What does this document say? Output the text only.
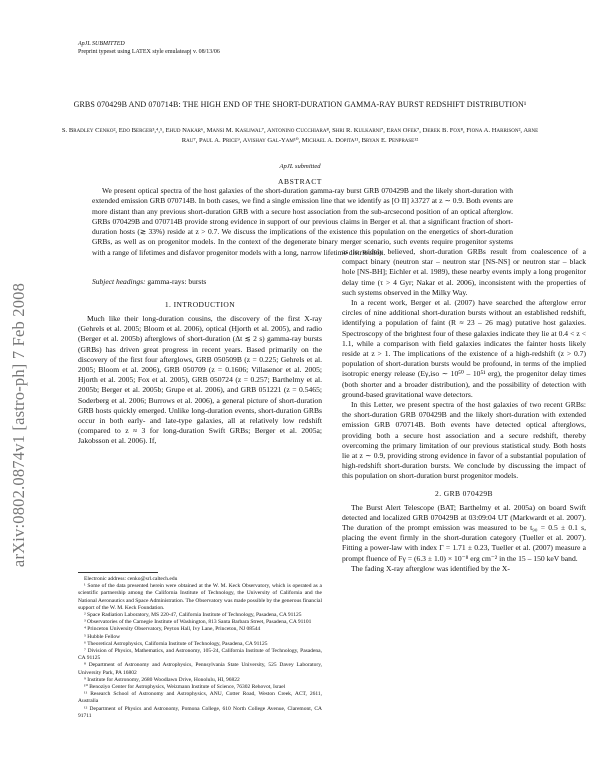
arXiv:0802.0874v1 [astro-ph] 7 Feb 2008
ApJL SUBMITTED
Preprint typeset using LATEX style emulateapj v. 08/13/06
GRBS 070429B AND 070714B: THE HIGH END OF THE SHORT-DURATION GAMMA-RAY BURST REDSHIFT DISTRIBUTION¹
S. Bradley Cenko², Edo Berger³,⁴,⁵, Ehud Nakar⁶, Mansi M. Kasliwal⁷, Antonino Cucchiara⁸, Shri R. Kulkarni⁷, Eran Ofek⁷, Derek B. Fox⁸, Fiona A. Harrison², Arne Rau⁷, Paul A. Price⁹, Avishay Gal-Yam¹⁰, Michael A. Dopita¹¹, Bryan E. Penprase¹²
ApJL submitted
ABSTRACT

We present optical spectra of the host galaxies of the short-duration gamma-ray burst GRB 070429B and the likely short-duration with extended emission GRB 070714B. In both cases, we find a single emission line that we identify as [O II] λ3727 at z ∼ 0.9. Both events are more distant than any previous short-duration GRB with a secure host association from the sub-arcsecond position of an optical afterglow. GRBs 070429B and 070714B provide strong evidence in support of our previous claims in Berger et al. that a significant fraction of short-duration hosts (≳ 33%) reside at z > 0.7. We discuss the implications of the existence this population on the energetics of short-duration GRBs, as well as on progenitor models. In the context of the degenerate binary merger scenario, such events require progenitor systems with a range of lifetimes and disfavor progenitor models with a long, narrow lifetime distribution.

Subject headings: gamma-rays: bursts
1. INTRODUCTION

Much like their long-duration cousins, the discovery of the first X-ray (Gehrels et al. 2005; Bloom et al. 2006), optical (Hjorth et al. 2005), and radio (Berger et al. 2005b) afterglows of short-duration (Δt ≲ 2 s) gamma-ray bursts (GRBs) has driven great progress in recent years. Based primarily on the discovery of the first four afterglows, GRB 050509B (z = 0.225; Gehrels et al. 2005; Bloom et al. 2006), GRB 050709 (z = 0.1606; Villasenor et al. 2005; Hjorth et al. 2005; Fox et al. 2005), GRB 050724 (z = 0.257; Barthelmy et al. 2005b; Berger et al. 2005b; Grupe et al. 2006), and GRB 051221 (z = 0.5465; Soderberg et al. 2006; Burrows et al. 2006), a general picture of short-duration GRB hosts quickly emerged. Unlike long-duration events, short-duration GRBs occur in both early- and late-type galaxies, all at relatively low redshift (compared to z ≈ 3 for long-duration Swift GRBs; Berger et al. 2005a; Jakobsson et al. 2006). If,

as is widely believed, short-duration GRBs result from coalescence of a compact binary (neutron star – neutron star [NS-NS] or neutron star – black hole [NS-BH]; Eichler et al. 1989), these nearby events imply a long progenitor delay time (τ > 4 Gyr; Nakar et al. 2006), inconsistent with the properties of such systems observed in the Milky Way.

In a recent work, Berger et al. (2007) have searched the afterglow error circles of nine additional short-duration bursts without an established redshift, identifying a population of faint (R ≈ 23 – 26 mag) putative host galaxies. Spectroscopy of the brightest four of these galaxies indicate they lie at 0.4 < z < 1.1, while a comparison with field galaxies indicates the fainter hosts likely reside at z > 1. The implications of the existence of a high-redshift (z > 0.7) population of short-duration bursts would be profound, in terms of the implied isotropic energy release (Eγ,iso ∼ 10⁵⁰ – 10⁵¹ erg), the progenitor delay times (both shorter and a broader distribution), and the possibility of detection with ground-based gravitational wave detectors.

In this Letter, we present spectra of the host galaxies of two recent GRBs: the short-duration GRB 070429B and the likely short-duration with extended emission GRB 070714B. Both events have detected optical afterglows, providing both a secure host association and a secure redshift, thereby overcoming the primary limitation of our previous statistical study. Both hosts lie at z ∼ 0.9, providing strong evidence in favor of a substantial population of high-redshift short-duration bursts. We conclude by discussing the impact of this population on short-duration burst progenitor models.

2. GRB 070429B

The Burst Alert Telescope (BAT; Barthelmy et al. 2005a) on board Swift detected and localized GRB 070429B at 03:09:04 UT (Markwardt et al. 2007). The duration of the prompt emission was measured to be t₉₀ = 0.5 ± 0.1 s, placing the event firmly in the short-duration category (Tueller et al. 2007). Fitting a power-law with index Γ = 1.71 ± 0.23, Tueller et al. (2007) measure a prompt fluence of Fγ = (6.3 ± 1.0) × 10⁻⁸ erg cm⁻² in the 15 – 150 keV band.

The fading X-ray afterglow was identified by the X-

Electronic address: cenko@srl.caltech.edu

¹ Some of the data presented herein were obtained at the W. M. Keck Observatory, which is operated as a scientific partnership among the California Institute of Technology, the University of California and the National Aeronautics and Space Administration. The Observatory was made possible by the generous financial support of the W. M. Keck Foundation.

² Space Radiation Laboratory, MS 220-47, California Institute of Technology, Pasadena, CA 91125

³ Observatories of the Carnegie Institute of Washington, 813 Santa Barbara Street, Pasadena, CA 91101

⁴ Princeton University Observatory, Peyton Hall, Ivy Lane, Princeton, NJ 08544

⁵ Hubble Fellow

⁶ Theoretical Astrophysics, California Institute of Technology, Pasadena, CA 91125

⁷ Division of Physics, Mathematics, and Astronomy, 105-24, California Institute of Technology, Pasadena, CA 91125

⁸ Department of Astronomy and Astrophysics, Pennsylvania State University, 525 Davey Laboratory, University Park, PA 16802

⁹ Institute for Astronomy, 2680 Woodlawn Drive, Honolulu, HI, 96822

¹⁰ Benoziyo Center for Astrophysics, Weizmann Institute of Science, 76302 Rehovot, Israel

¹¹ Research School of Astronomy and Astrophysics, ANU, Cotter Road, Weston Creek, ACT, 2611, Australia

¹² Department of Physics and Astronomy, Pomona College, 610 North College Avenue, Claremont, CA 91711
